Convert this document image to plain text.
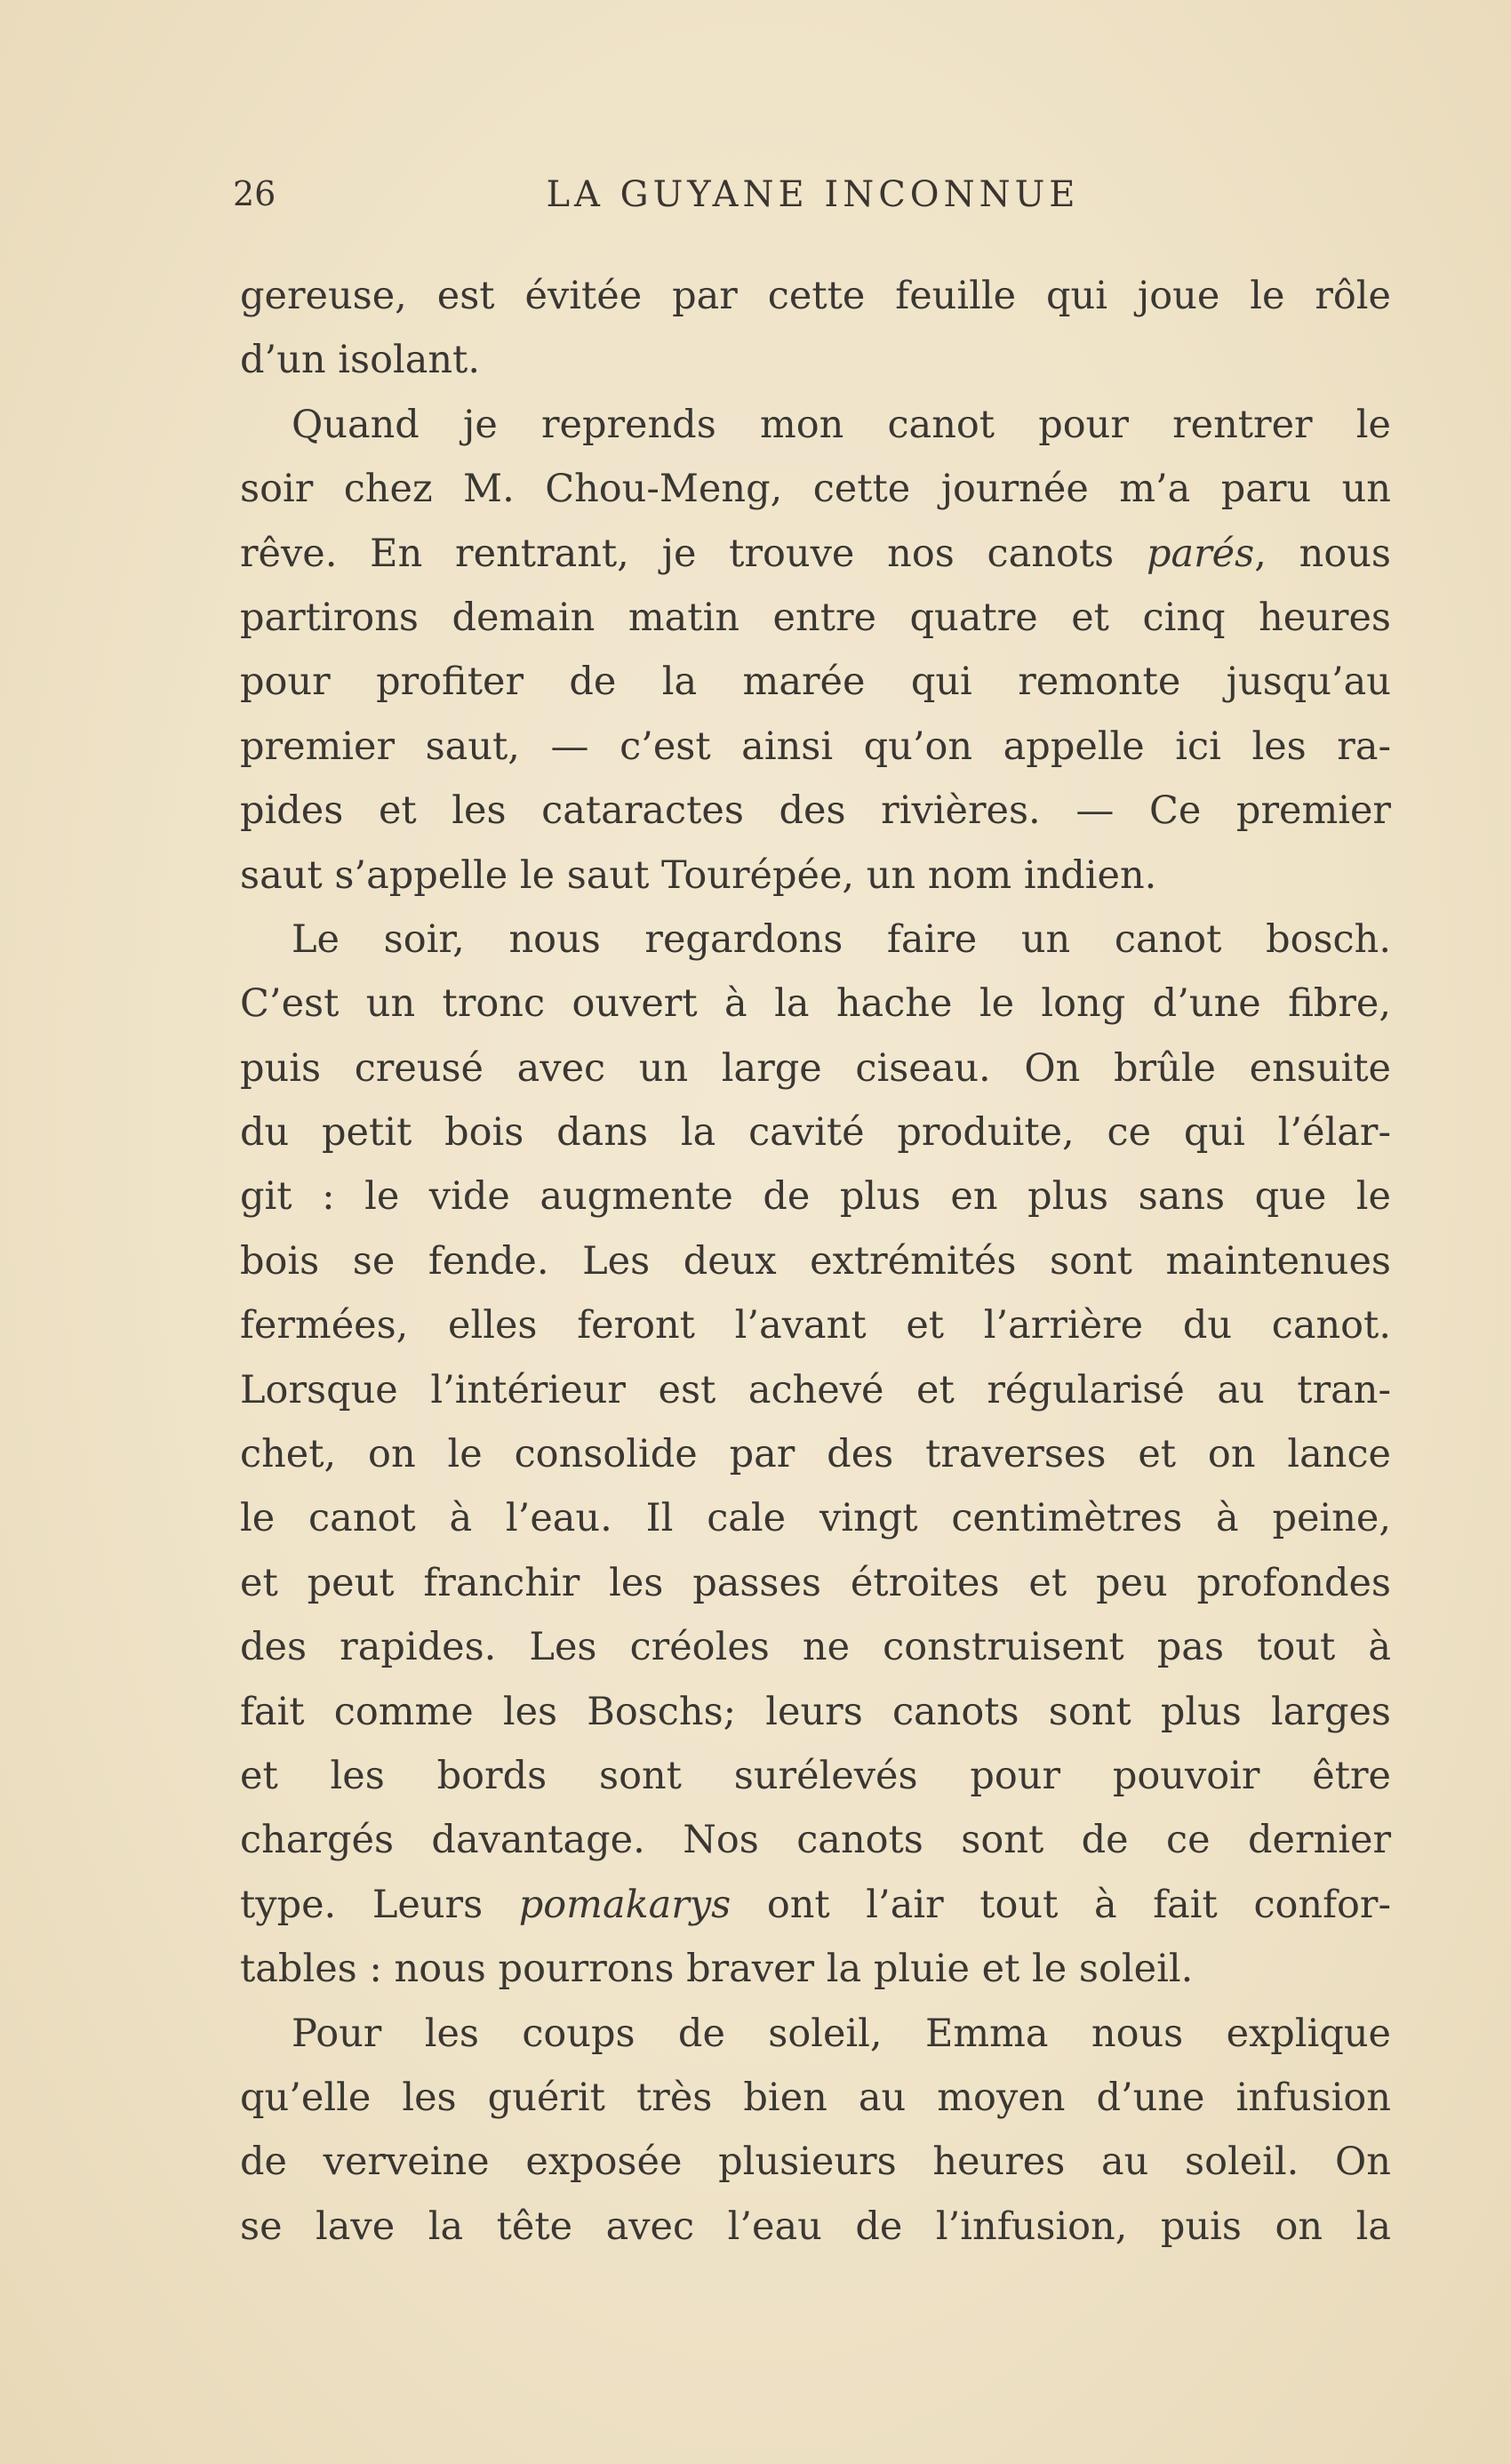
26	LA GUYANE INCONNUE
gereuse, est évitée par cette feuille qui joue le rôle
d’un isolant.
Quand je reprends mon canot pour rentrer le
soir chez M. Chou-Meng, cette journée m’a paru un
rêve. En rentrant, je trouve nos canots parés, nous
partirons demain matin entre quatre et cinq heures
pour profiter de la marée qui remonte jusqu’au
premier saut, — c’est ainsi qu’on appelle ici les ra-
pides et les cataractes des rivières. — Ce premier
saut s’appelle le saut Tourépée, un nom indien.
Le soir, nous regardons faire un canot bosch.
C’est un tronc ouvert à la hache le long d’une fibre,
puis creusé avec un large ciseau. On brûle ensuite
du petit bois dans la cavité produite, ce qui l’élar-
git : le vide augmente de plus en plus sans que le
bois se fende. Les deux extrémités sont maintenues
fermées, elles feront l’avant et l’arrière du canot.
Lorsque l’intérieur est achevé et régularisé au tran-
chet, on le consolide par des traverses et on lance
le canot à l’eau. Il cale vingt centimètres à peine,
et peut franchir les passes étroites et peu profondes
des rapides. Les créoles ne construisent pas tout à
fait comme les Boschs; leurs canots sont plus larges
et les bords sont surélevés pour pouvoir être
chargés davantage. Nos canots sont de ce dernier
type. Leurs pomakarys ont l’air tout à fait confor-
tables : nous pourrons braver la pluie et le soleil.
Pour les coups de soleil, Emma nous explique
qu’elle les guérit très bien au moyen d’une infusion
de verveine exposée plusieurs heures au soleil. On
se lave la tête avec l’eau de l’infusion, puis on la
